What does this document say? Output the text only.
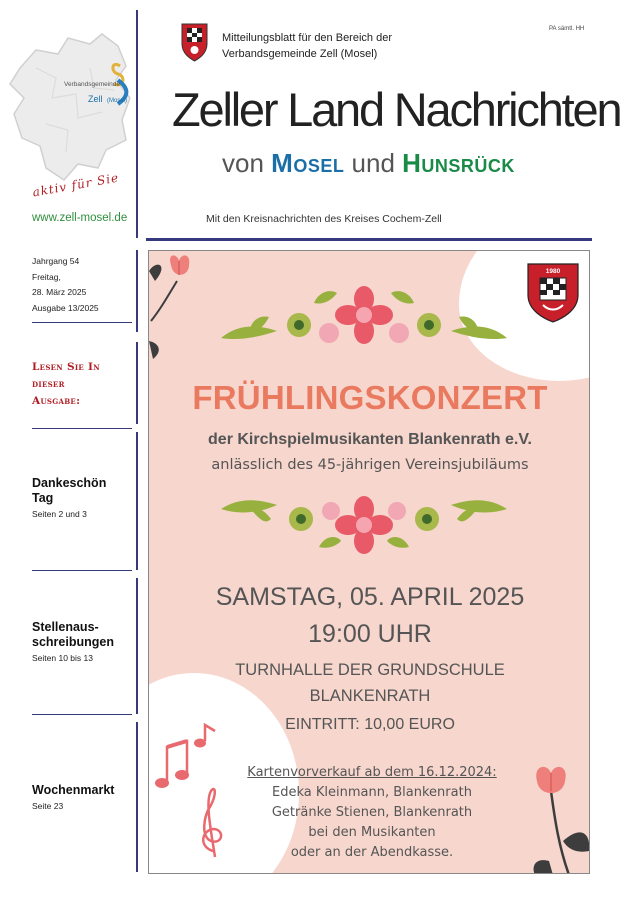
Verbandsgemeinde
Zell (Mosel)
aktiv für Sie
www.zell-mosel.de
Jahrgang 54
Freitag,
28. März 2025
Ausgabe 13/2025
Lesen Sie In
dieser
Ausgabe:
Dankeschön
Tag
Seiten 2 und 3
Stellenaus-
schreibungen
Seiten 10 bis 13
Wochenmarkt
Seite 23
Mitteilungsblatt für den Bereich der
Verbandsgemeinde Zell (Mosel)
PA sämtl. HH
Zeller Land Nachrichten
von Mosel und Hunsrück
Mit den Kreisnachrichten des Kreises Cochem-Zell
1980
FRÜHLINGSKONZERT
der Kirchspielmusikanten Blankenrath e.V.
anlässlich des 45-jährigen Vereinsjubiläums
SAMSTAG, 05. APRIL 2025
19:00 UHR
TURNHALLE DER GRUNDSCHULE
BLANKENRATH
EINTRITT: 10,00 EURO
Kartenvorverkauf ab dem 16.12.2024:
Edeka Kleinmann, Blankenrath
Getränke Stienen, Blankenrath
bei den Musikanten
oder an der Abendkasse.
